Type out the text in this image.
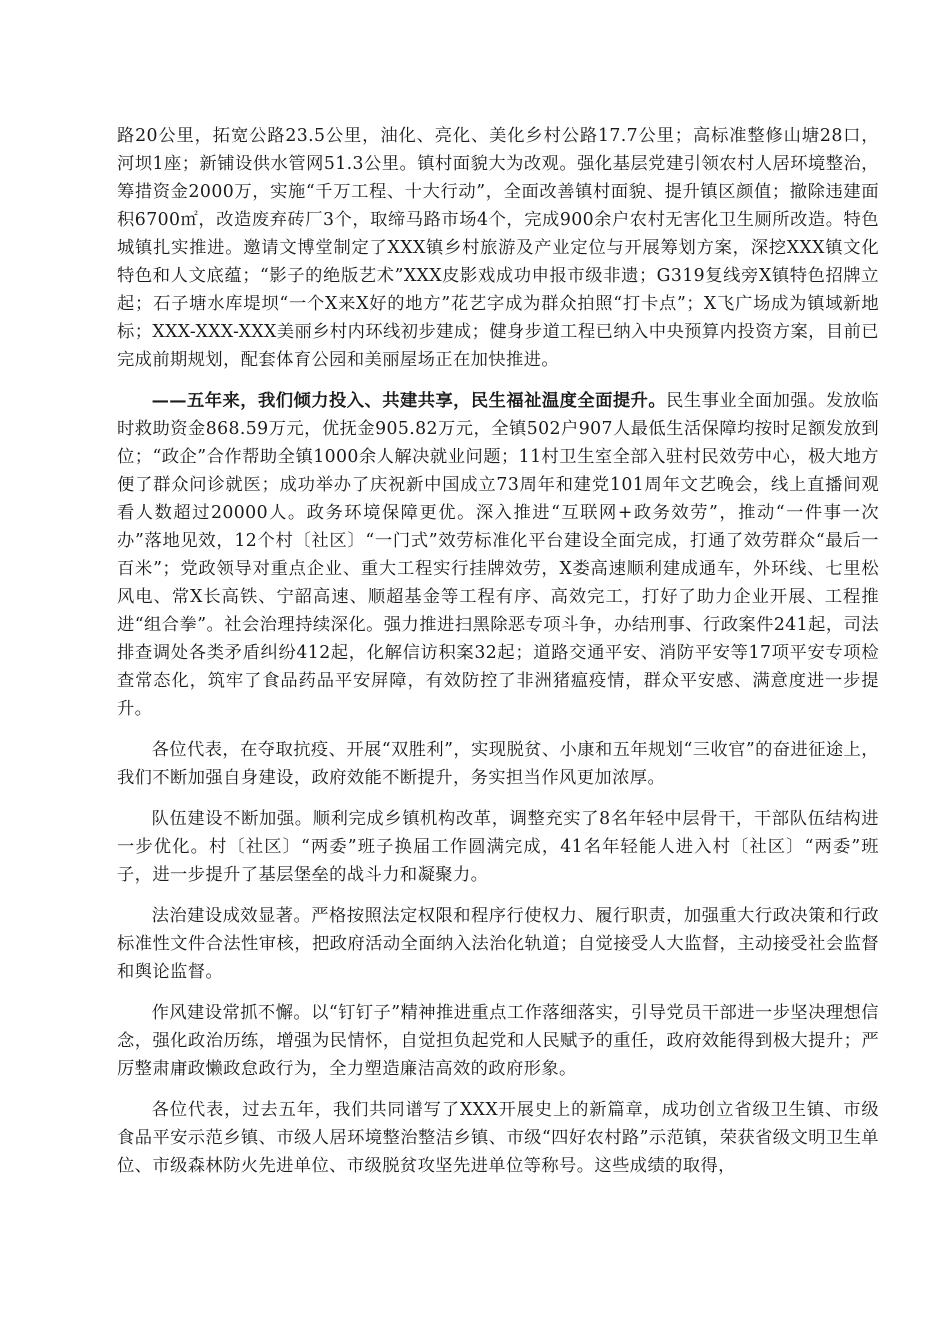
路20公里，拓宽公路23.5公里，油化、亮化、美化乡村公路17.7公里；高标准整修山塘28口，河坝1座；新铺设供水管网51.3公里。镇村面貌大为改观。强化基层党建引领农村人居环境整治，筹措资金2000万，实施“千万工程、十大行动”，全面改善镇村面貌、提升镇区颜值；撤除违建面积6700㎡，改造废弃砖厂3个，取缔马路市场4个，完成900余户农村无害化卫生厕所改造。特色城镇扎实推进。邀请文博堂制定了XXX镇乡村旅游及产业定位与开展筹划方案，深挖XXX镇文化特色和人文底蕴；“影子的绝版艺术”XXX皮影戏成功申报市级非遗；G319复线旁X镇特色招牌立起；石子塘水库堤坝“一个X来X好的地方”花艺字成为群众拍照“打卡点”；X飞广场成为镇域新地标；XXX-XXX-XXX美丽乡村内环线初步建成；健身步道工程已纳入中央预算内投资方案，目前已完成前期规划，配套体育公园和美丽屋场正在加快推进。

——五年来，我们倾力投入、共建共享，民生福祉温度全面提升。民生事业全面加强。发放临时救助资金868.59万元，优抚金905.82万元，全镇502户907人最低生活保障均按时足额发放到位；“政企”合作帮助全镇1000余人解决就业问题；11村卫生室全部入驻村民效劳中心，极大地方便了群众问诊就医；成功举办了庆祝新中国成立73周年和建党101周年文艺晚会，线上直播间观看人数超过20000人。政务环境保障更优。深入推进“互联网+政务效劳”，推动“一件事一次办”落地见效，12个村〔社区〕“一门式”效劳标准化平台建设全面完成，打通了效劳群众“最后一百米”；党政领导对重点企业、重大工程实行挂牌效劳，X娄高速顺利建成通车，外环线、七里松风电、常X长高铁、宁韶高速、顺超基金等工程有序、高效完工，打好了助力企业开展、工程推进“组合拳”。社会治理持续深化。强力推进扫黑除恶专项斗争，办结刑事、行政案件241起，司法排查调处各类矛盾纠纷412起，化解信访积案32起；道路交通平安、消防平安等17项平安专项检查常态化，筑牢了食品药品平安屏障，有效防控了非洲猪瘟疫情，群众平安感、满意度进一步提升。

各位代表，在夺取抗疫、开展“双胜利”，实现脱贫、小康和五年规划“三收官”的奋进征途上，我们不断加强自身建设，政府效能不断提升，务实担当作风更加浓厚。

队伍建设不断加强。顺利完成乡镇机构改革，调整充实了8名年轻中层骨干，干部队伍结构进一步优化。村〔社区〕“两委”班子换届工作圆满完成，41名年轻能人进入村〔社区〕“两委”班子，进一步提升了基层堡垒的战斗力和凝聚力。

法治建设成效显著。严格按照法定权限和程序行使权力、履行职责，加强重大行政决策和行政标准性文件合法性审核，把政府活动全面纳入法治化轨道；自觉接受人大监督，主动接受社会监督和舆论监督。

作风建设常抓不懈。以“钉钉子”精神推进重点工作落细落实，引导党员干部进一步坚决理想信念，强化政治历练，增强为民情怀，自觉担负起党和人民赋予的重任，政府效能得到极大提升；严厉整肃庸政懒政怠政行为，全力塑造廉洁高效的政府形象。

各位代表，过去五年，我们共同谱写了XXX开展史上的新篇章，成功创立省级卫生镇、市级食品平安示范乡镇、市级人居环境整治整洁乡镇、市级“四好农村路”示范镇，荣获省级文明卫生单位、市级森林防火先进单位、市级脱贫攻坚先进单位等称号。这些成绩的取得，
